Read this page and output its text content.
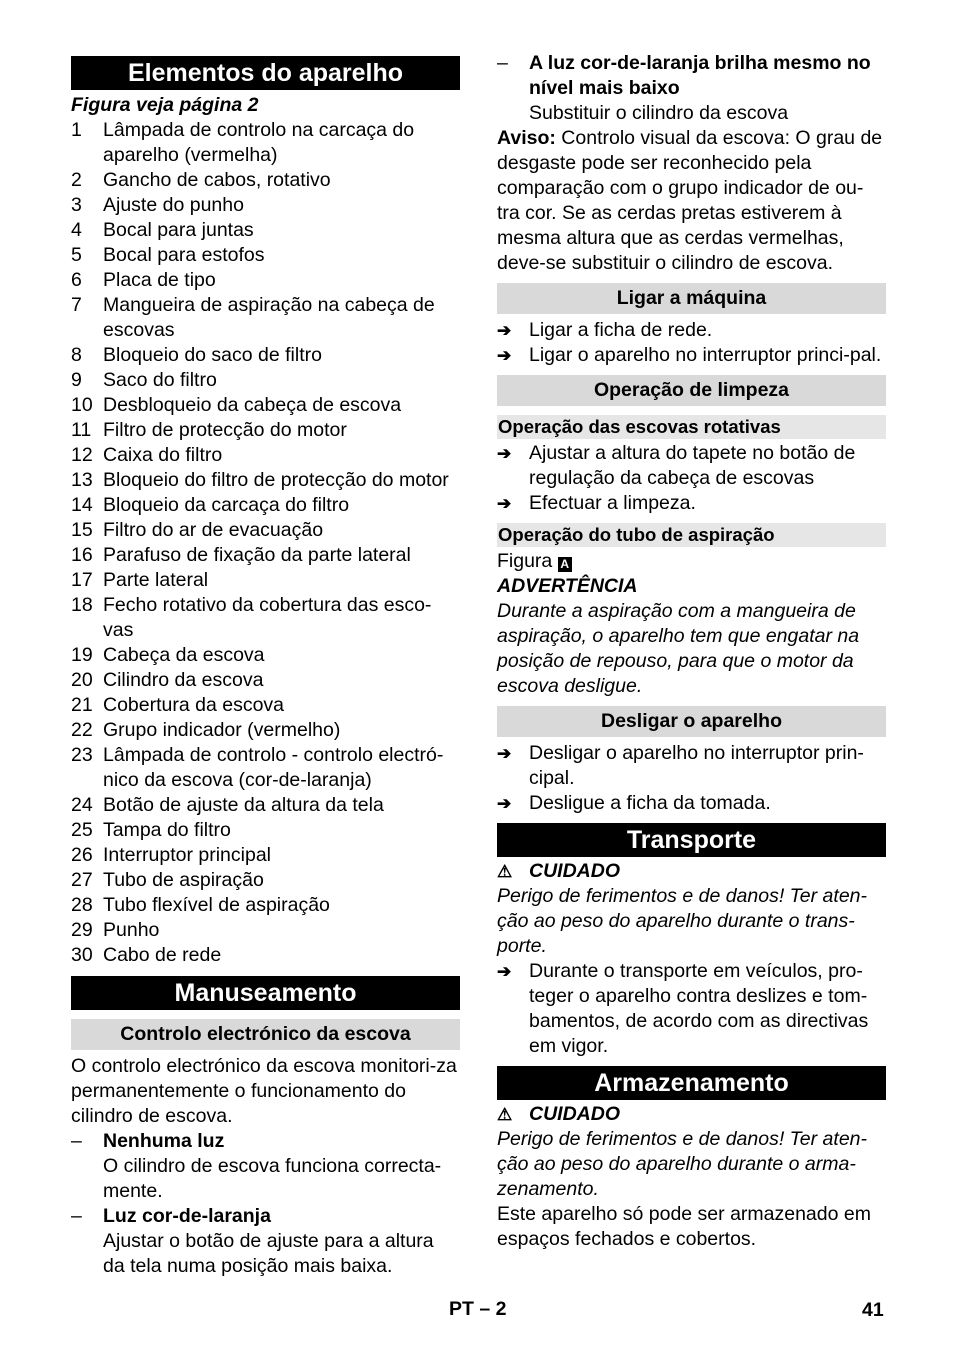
Elementos do aparelho

Figura veja página 2

1	Lâmpada de controlo na carcaça do aparelho (vermelha)
2	Gancho de cabos, rotativo
3	Ajuste do punho
4	Bocal para juntas
5	Bocal para estofos
6	Placa de tipo
7	Mangueira de aspiração na cabeça de escovas
8	Bloqueio do saco de filtro
9	Saco do filtro
10 Desbloqueio da cabeça de escova
11 Filtro de protecção do motor
12 Caixa do filtro
13 Bloqueio do filtro de protecção do motor
14 Bloqueio da carcaça do filtro
15 Filtro do ar de evacuação
16 Parafuso de fixação da parte lateral
17 Parte lateral
18 Fecho rotativo da cobertura das esco-vas
19 Cabeça da escova
20 Cilindro da escova
21 Cobertura da escova
22 Grupo indicador (vermelho)
23 Lâmpada de controlo - controlo electró-nico da escova (cor-de-laranja)
24 Botão de ajuste da altura da tela
25 Tampa do filtro
26 Interruptor principal
27 Tubo de aspiração
28 Tubo flexível de aspiração
29 Punho
30 Cabo de rede
Manuseamento
Controlo electrónico da escova

O controlo electrónico da escova monitori-za permanentemente o funcionamento do cilindro de escova.

–	Nenhuma luz

O cilindro de escova funciona correcta-mente.

–	Luz cor-de-laranja

Ajustar o botão de ajuste para a altura da tela numa posição mais baixa.

–	A luz cor-de-laranja brilha mesmo no nível mais baixo

Substituir o cilindro da escova

Aviso: Controlo visual da escova: O grau de desgaste pode ser reconhecido pela comparação com o grupo indicador de ou-tra cor. Se as cerdas pretas estiverem à mesma altura que as cerdas vermelhas, deve-se substituir o cilindro de escova.

Ligar a máquina
➔ Ligar a ficha de rede.
➔ Ligar o aparelho no interruptor princi-pal.
Operação de limpeza
Operação das escovas rotativas
➔ Ajustar a altura do tapete no botão de regulação da cabeça de escovas
➔ Efectuar a limpeza.
Operação do tubo de aspiração

Figura A

ADVERTÊNCIA

Durante a aspiração com a mangueira de aspiração, o aparelho tem que engatar na posição de repouso, para que o motor da escova desligue.

Desligar o aparelho
➔ Desligar o aparelho no interruptor prin-cipal.
➔ Desligue a ficha da tomada.
Transporte

⚠ CUIDADO

Perigo de ferimentos e de danos! Ter aten-ção ao peso do aparelho durante o trans-porte.

➔ Durante o transporte em veículos, pro-teger o aparelho contra deslizes e tom-bamentos, de acordo com as directivas em vigor.
Armazenamento

⚠ CUIDADO

Perigo de ferimentos e de danos! Ter aten-ção ao peso do aparelho durante o arma-zenamento.

Este aparelho só pode ser armazenado em espaços fechados e cobertos.

PT – 2	41
